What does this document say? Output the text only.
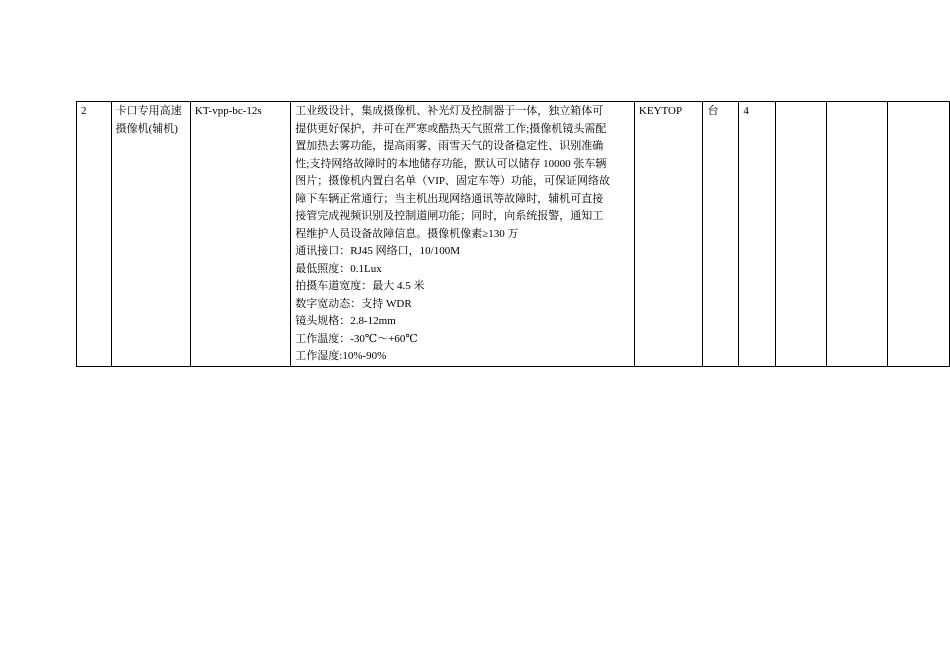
2	卡口专用高速摄像机(辅机)	KT-vpp-bc-12s	工业级设计，集成摄像机、补光灯及控制器于一体，独立箱体可
提供更好保护，并可在严寒或酷热天气照常工作;摄像机镜头需配
置加热去雾功能，提高雨雾、雨雪天气的设备稳定性、识别准确
性;支持网络故障时的本地储存功能，默认可以储存 10000 张车辆
图片；摄像机内置白名单（VIP、固定车等）功能，可保证网络故
障下车辆正常通行；当主机出现网络通讯等故障时，辅机可直接
接管完成视频识别及控制道闸功能；同时，向系统报警，通知工
程维护人员设备故障信息。摄像机像素≥130 万
通讯接口：RJ45 网络口，10/100M
最低照度：0.1Lux
拍摄车道宽度：最大 4.5 米
数字宽动态：支持 WDR
镜头规格：2.8-12mm
工作温度：-30℃～+60℃
工作湿度:10%-90%
	KEYTOP	台	4			
